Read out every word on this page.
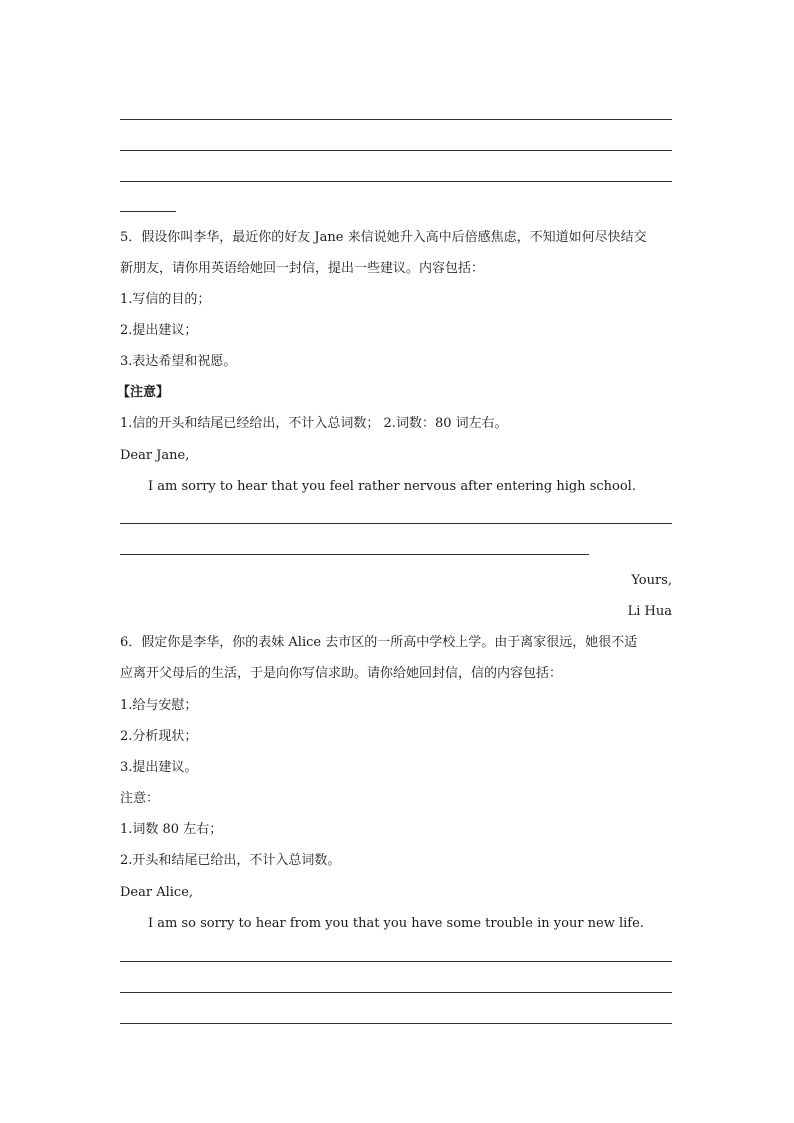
5．假设你叫李华，最近你的好友 Jane 来信说她升入高中后倍感焦虑，不知道如何尽快结交
新朋友，请你用英语给她回一封信，提出一些建议。内容包括：
1.写信的目的；
2.提出建议；
3.表达希望和祝愿。
【注意】
1.信的开头和结尾已经给出，不计入总词数； 2.词数：80 词左右。
Dear Jane,
I am sorry to hear that you feel rather nervous after entering high school.
Yours,
Li Hua
6．假定你是李华，你的表妹 Alice 去市区的一所高中学校上学。由于离家很远，她很不适
应离开父母后的生活，于是向你写信求助。请你给她回封信，信的内容包括：
1.给与安慰；
2.分析现状；
3.提出建议。
注意：
1.词数 80 左右；
2.开头和结尾已给出，不计入总词数。
Dear Alice,
I am so sorry to hear from you that you have some trouble in your new life.
